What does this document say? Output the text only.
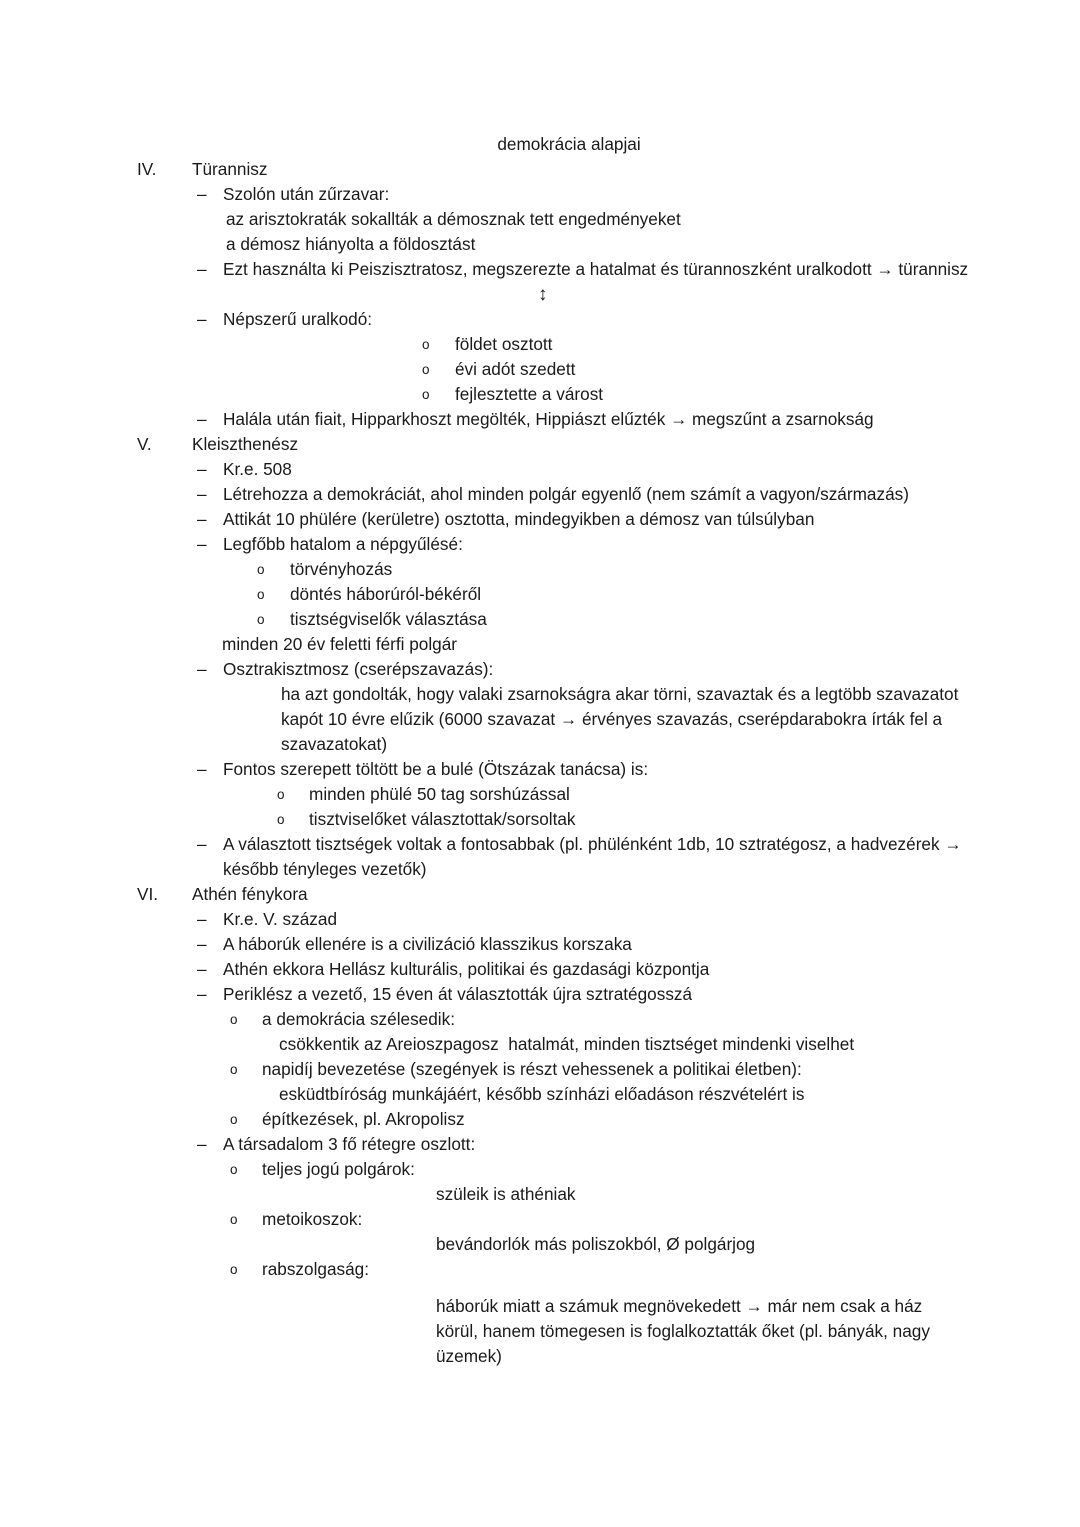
demokrácia alapjai
IV.	Türannisz
– Szolón után zűrzavar:
az arisztokraták sokallták a démosznak tett engedményeket
a démosz hiányolta a földosztást
– Ezt használta ki Peiszisztratosz, megszerezte a hatalmat és türannoszként uralkodott → türannisz
↕
– Népszerű uralkodó:
o	földet osztott
o	évi adót szedett
o	fejlesztette a várost
– Halála után fiait, Hipparkhoszt megölték, Hippiászt elűzték → megszűnt a zsarnokság
V.	Kleiszthenész
– Kr.e. 508
– Létrehozza a demokráciát, ahol minden polgár egyenlő (nem számít a vagyon/származás)
– Attikát 10 phülére (kerületre) osztotta, mindegyikben a démosz van túlsúlyban
– Legfőbb hatalom a népgyűlésé:
o	törvényhozás
o	döntés háborúról-békéről
o	tisztségviselők választása
minden 20 év feletti férfi polgár
– Osztrakisztmosz (cserépszavazás):
ha azt gondolták, hogy valaki zsarnokságra akar törni, szavaztak és a legtöbb szavazatot kapót 10 évre elűzik (6000 szavazat → érvényes szavazás, cserépdarabokra írták fel a szavazatokat)
– Fontos szerepett töltött be a bulé (Ötszázak tanácsa) is:
o	minden phülé 50 tag sorshúzással
o	tisztviselőket választottak/sorsoltak
– A választott tisztségek voltak a fontosabbak (pl. phülénként 1db, 10 sztratégosz, a hadvezérek → később tényleges vezetők)
VI.	Athén fénykora
– Kr.e. V. század
– A háborúk ellenére is a civilizáció klasszikus korszaka
– Athén ekkora Hellász kulturális, politikai és gazdasági központja
– Periklész a vezető, 15 éven át választották újra sztratégosszá
o	a demokrácia szélesedik:
csökkentik az Areioszpagosz  hatalmát, minden tisztséget mindenki viselhet
o	napidíj bevezetése (szegények is részt vehessenek a politikai életben):
esküdtbíróság munkájáért, később színházi előadáson részvételért is
o	építkezések, pl. Akropolisz
– A társadalom 3 fő rétegre oszlott:
o	teljes jogú polgárok:
szüleik is athéniak
o	metoikoszok:
bevándorlók más poliszokból, Ø polgárjog
o	rabszolgaság:
háborúk miatt a számuk megnövekedett → már nem csak a ház körül, hanem tömegesen is foglalkoztatták őket (pl. bányák, nagy üzemek)
